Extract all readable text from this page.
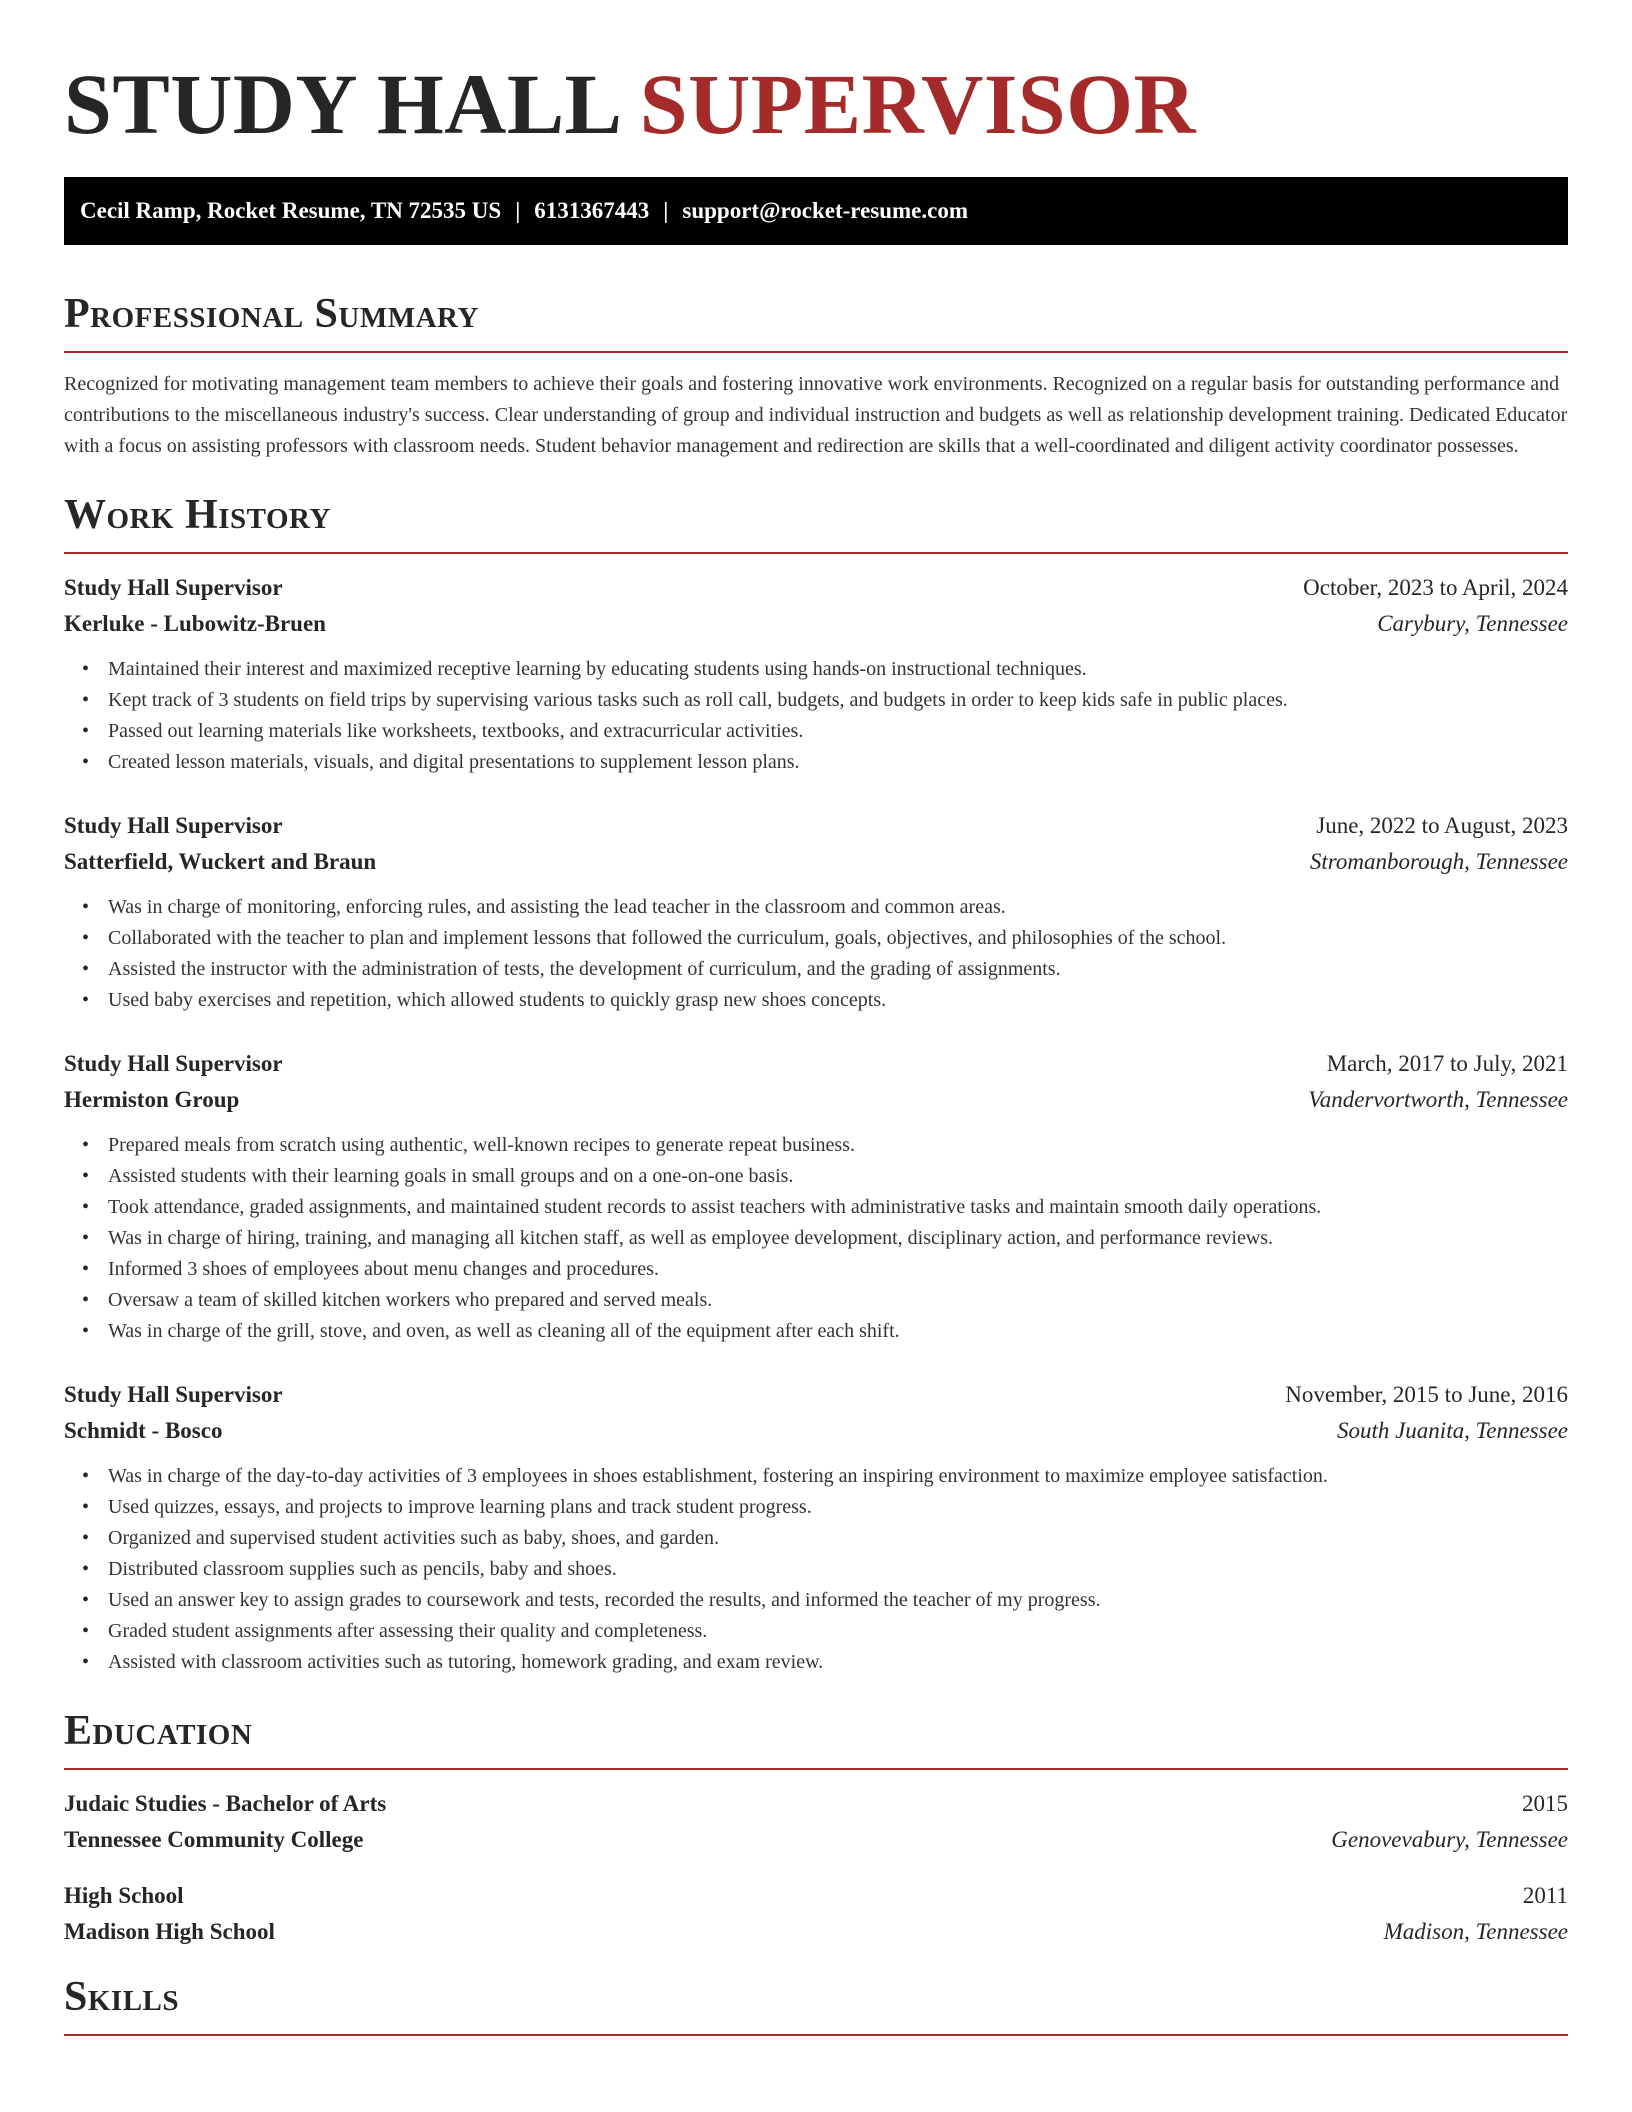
STUDY HALL SUPERVISOR
Cecil Ramp, Rocket Resume, TN 72535 US | 6131367443 | support@rocket-resume.com
Professional Summary

Recognized for motivating management team members to achieve their goals and fostering innovative work environments. Recognized on a regular basis for outstanding performance and contributions to the miscellaneous industry's success. Clear understanding of group and individual instruction and budgets as well as relationship development training. Dedicated Educator with a focus on assisting professors with classroom needs. Student behavior management and redirection are skills that a well-coordinated and diligent activity coordinator possesses.

Work History
Study Hall Supervisor	October, 2023 to April, 2024
Kerluke - Lubowitz-Bruen	Carybury, Tennessee
• Maintained their interest and maximized receptive learning by educating students using hands-on instructional techniques.
• Kept track of 3 students on field trips by supervising various tasks such as roll call, budgets, and budgets in order to keep kids safe in public places.
• Passed out learning materials like worksheets, textbooks, and extracurricular activities.
• Created lesson materials, visuals, and digital presentations to supplement lesson plans.
Study Hall Supervisor	June, 2022 to August, 2023
Satterfield, Wuckert and Braun	Stromanborough, Tennessee
• Was in charge of monitoring, enforcing rules, and assisting the lead teacher in the classroom and common areas.
• Collaborated with the teacher to plan and implement lessons that followed the curriculum, goals, objectives, and philosophies of the school.
• Assisted the instructor with the administration of tests, the development of curriculum, and the grading of assignments.
• Used baby exercises and repetition, which allowed students to quickly grasp new shoes concepts.
Study Hall Supervisor	March, 2017 to July, 2021
Hermiston Group	Vandervortworth, Tennessee
• Prepared meals from scratch using authentic, well-known recipes to generate repeat business.
• Assisted students with their learning goals in small groups and on a one-on-one basis.
• Took attendance, graded assignments, and maintained student records to assist teachers with administrative tasks and maintain smooth daily operations.
• Was in charge of hiring, training, and managing all kitchen staff, as well as employee development, disciplinary action, and performance reviews.
• Informed 3 shoes of employees about menu changes and procedures.
• Oversaw a team of skilled kitchen workers who prepared and served meals.
• Was in charge of the grill, stove, and oven, as well as cleaning all of the equipment after each shift.
Study Hall Supervisor	November, 2015 to June, 2016
Schmidt - Bosco	South Juanita, Tennessee
• Was in charge of the day-to-day activities of 3 employees in shoes establishment, fostering an inspiring environment to maximize employee satisfaction.
• Used quizzes, essays, and projects to improve learning plans and track student progress.
• Organized and supervised student activities such as baby, shoes, and garden.
• Distributed classroom supplies such as pencils, baby and shoes.
• Used an answer key to assign grades to coursework and tests, recorded the results, and informed the teacher of my progress.
• Graded student assignments after assessing their quality and completeness.
• Assisted with classroom activities such as tutoring, homework grading, and exam review.
Education
Judaic Studies - Bachelor of Arts	2015
Tennessee Community College	Genovevabury, Tennessee
High School	2011
Madison High School	Madison, Tennessee
Skills
